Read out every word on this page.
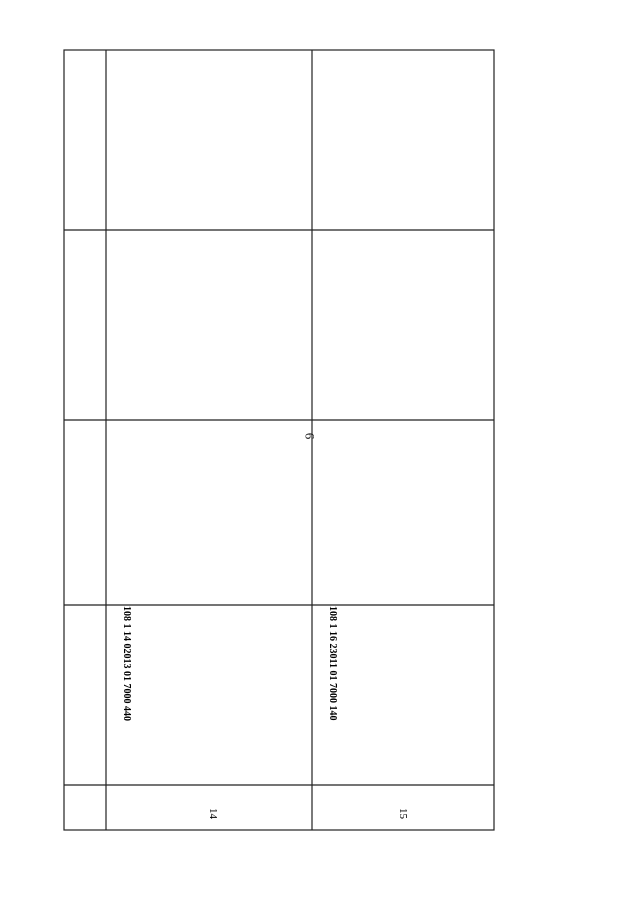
14	15
108 1 14 02013 01 7000 440	108 1 16 23011 01 7000 140
6
